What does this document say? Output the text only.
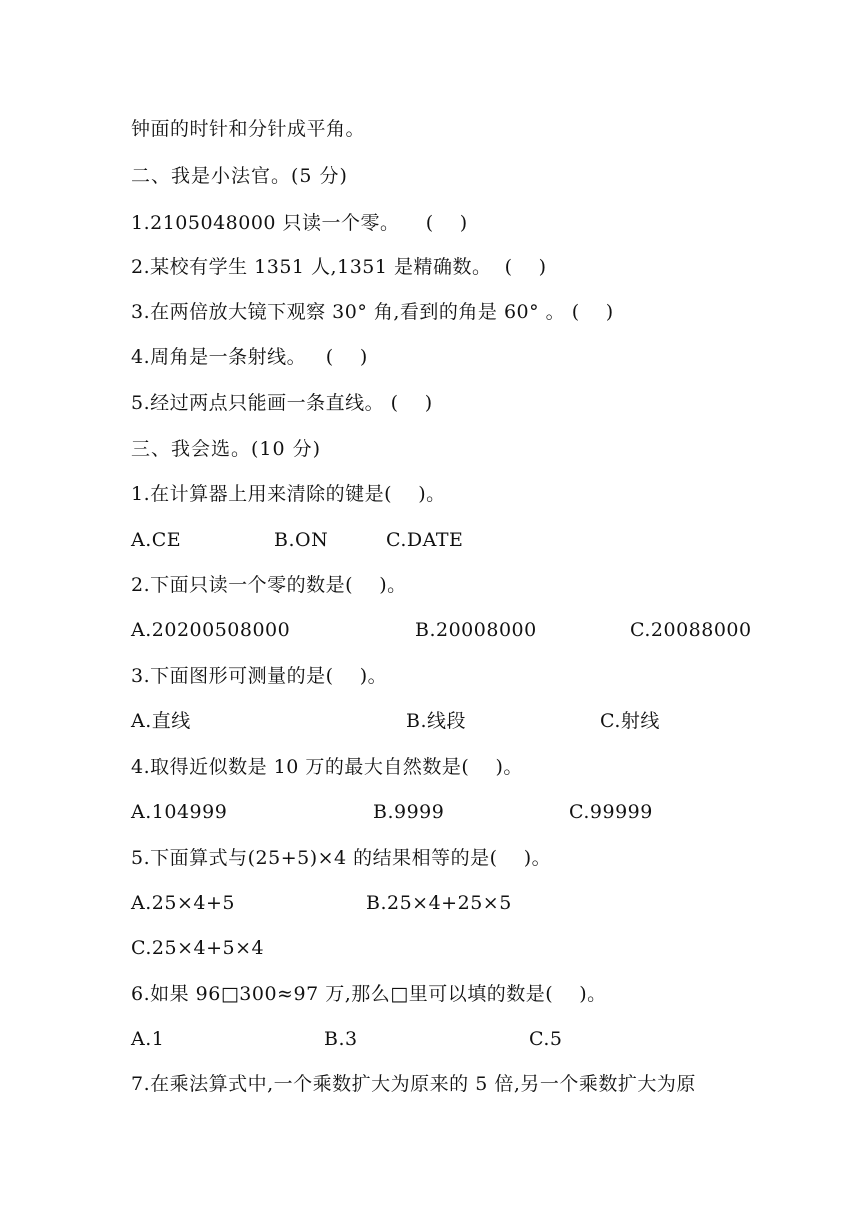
钟面的时针和分针成平角。
二、我是小法官。(5 分)
1.2105048000 只读一个零。    (    )
2.某校有学生 1351 人,1351 是精确数。  (    )
3.在两倍放大镜下观察 30° 角,看到的角是 60° 。 (    )
4.周角是一条射线。   (    )
5.经过两点只能画一条直线。 (    )
三、我会选。(10 分)
1.在计算器上用来清除的键是(    )。
A.CE	B.ON	C.DATE
2.下面只读一个零的数是(    )。
A.20200508000	B.20008000	C.20088000
3.下面图形可测量的是(    )。
A.直线	B.线段	C.射线
4.取得近似数是 10 万的最大自然数是(    )。
A.104999	B.9999	C.99999
5.下面算式与(25+5)×4 的结果相等的是(    )。
A.25×4+5	B.25×4+25×5
C.25×4+5×4
6.如果 96□300≈97 万,那么□里可以填的数是(    )。
A.1	B.3	C.5
7.在乘法算式中,一个乘数扩大为原来的 5 倍,另一个乘数扩大为原
